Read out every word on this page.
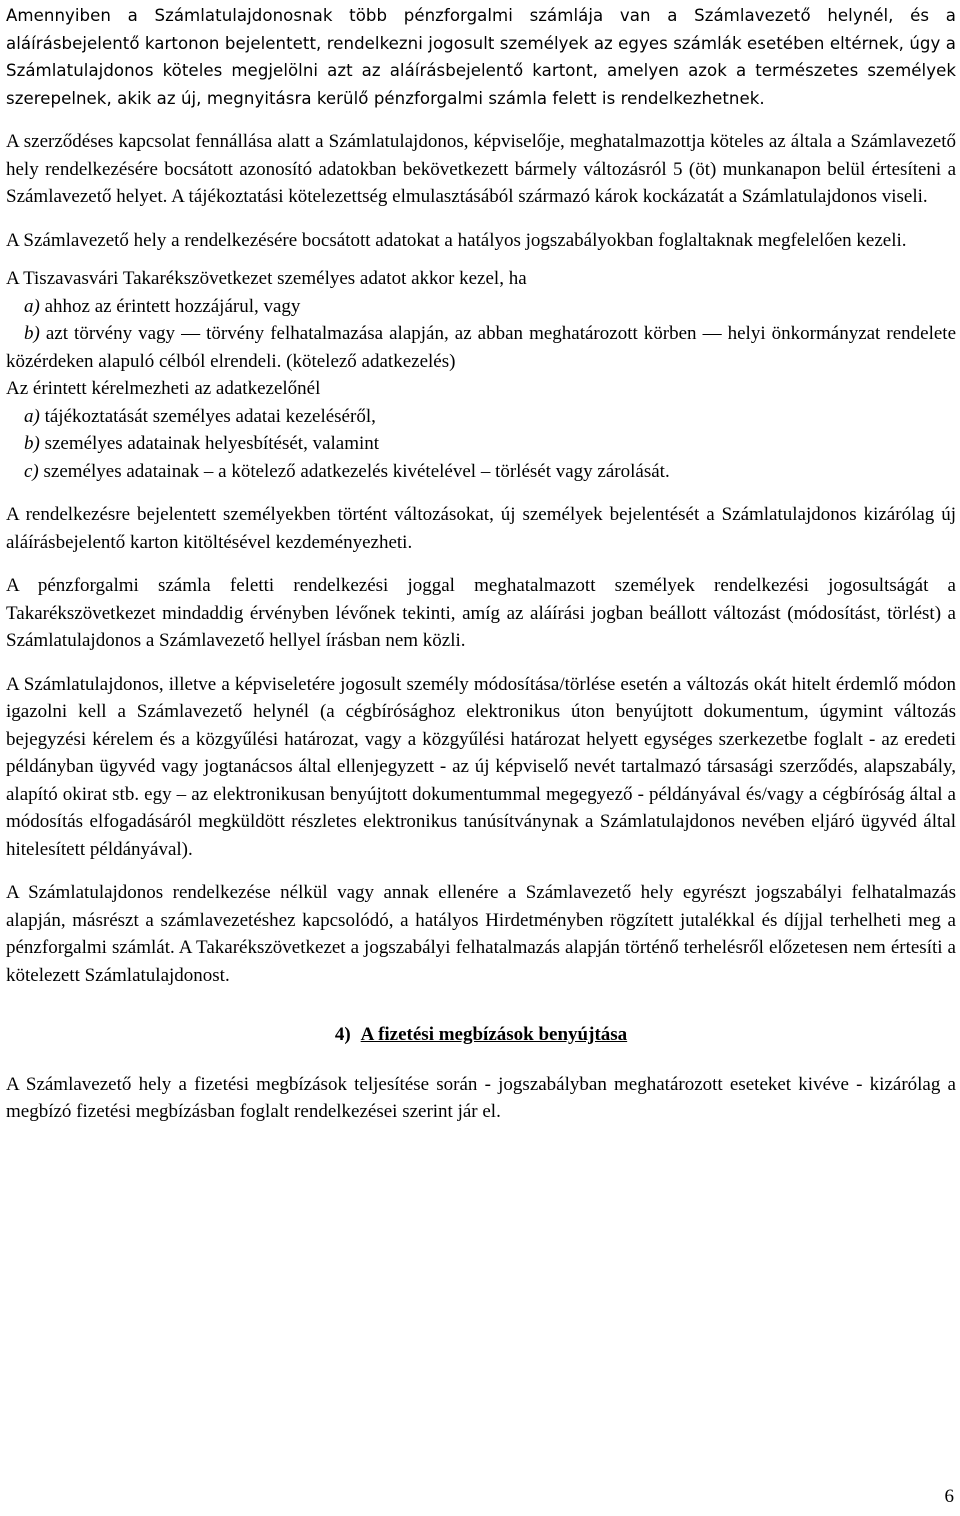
Amennyiben a Számlatulajdonosnak több pénzforgalmi számlája van a Számlavezető helynél, és a aláírásbejelentő kartonon bejelentett, rendelkezni jogosult személyek az egyes számlák esetében eltérnek, úgy a Számlatulajdonos köteles megjelölni azt az aláírásbejelentő kartont, amelyen azok a természetes személyek szerepelnek, akik az új, megnyitásra kerülő pénzforgalmi számla felett is rendelkezhetnek.

A szerződéses kapcsolat fennállása alatt a Számlatulajdonos, képviselője, meghatalmazottja köteles az általa a Számlavezető hely rendelkezésére bocsátott azonosító adatokban bekövetkezett bármely változásról 5 (öt) munkanapon belül értesíteni a Számlavezető helyet. A tájékoztatási kötelezettség elmulasztásából származó károk kockázatát a Számlatulajdonos viseli.

A Számlavezető hely a rendelkezésére bocsátott adatokat a hatályos jogszabályokban foglaltaknak megfelelően kezeli.

A Tiszavasvári Takarékszövetkezet személyes adatot akkor kezel, ha

a) ahhoz az érintett hozzájárul, vagy

b) azt törvény vagy — törvény felhatalmazása alapján, az abban meghatározott körben — helyi önkormányzat rendelete közérdeken alapuló célból elrendeli. (kötelező adatkezelés)

Az érintett kérelmezheti az adatkezelőnél

a) tájékoztatását személyes adatai kezeléséről,

b) személyes adatainak helyesbítését, valamint

c) személyes adatainak – a kötelező adatkezelés kivételével – törlését vagy zárolását.

A rendelkezésre bejelentett személyekben történt változásokat, új személyek bejelentését a Számlatulajdonos kizárólag új aláírásbejelentő karton kitöltésével kezdeményezheti.

A pénzforgalmi számla feletti rendelkezési joggal meghatalmazott személyek rendelkezési jogosultságát a Takarékszövetkezet mindaddig érvényben lévőnek tekinti, amíg az aláírási jogban beállott változást (módosítást, törlést) a Számlatulajdonos a Számlavezető hellyel írásban nem közli.

A Számlatulajdonos, illetve a képviseletére jogosult személy módosítása/törlése esetén a változás okát hitelt érdemlő módon igazolni kell a Számlavezető helynél (a cégbírósághoz elektronikus úton benyújtott dokumentum, úgymint változás bejegyzési kérelem és a közgyűlési határozat, vagy a közgyűlési határozat helyett egységes szerkezetbe foglalt - az eredeti példányban ügyvéd vagy jogtanácsos által ellenjegyzett - az új képviselő nevét tartalmazó társasági szerződés, alapszabály, alapító okirat stb. egy – az elektronikusan benyújtott dokumentummal megegyező - példányával és/vagy a cégbíróság által a módosítás elfogadásáról megküldött részletes elektronikus tanúsítványnak a Számlatulajdonos nevében eljáró ügyvéd által hitelesített példányával).

A Számlatulajdonos rendelkezése nélkül vagy annak ellenére a Számlavezető hely egyrészt jogszabályi felhatalmazás alapján, másrészt a számlavezetéshez kapcsolódó, a hatályos Hirdetményben rögzített jutalékkal és díjjal terhelheti meg a pénzforgalmi számlát. A Takarékszövetkezet a jogszabályi felhatalmazás alapján történő terhelésről előzetesen nem értesíti a kötelezett Számlatulajdonost.

4) A fizetési megbízások benyújtása

A Számlavezető hely a fizetési megbízások teljesítése során - jogszabályban meghatározott eseteket kivéve - kizárólag a megbízó fizetési megbízásban foglalt rendelkezései szerint jár el.

6
